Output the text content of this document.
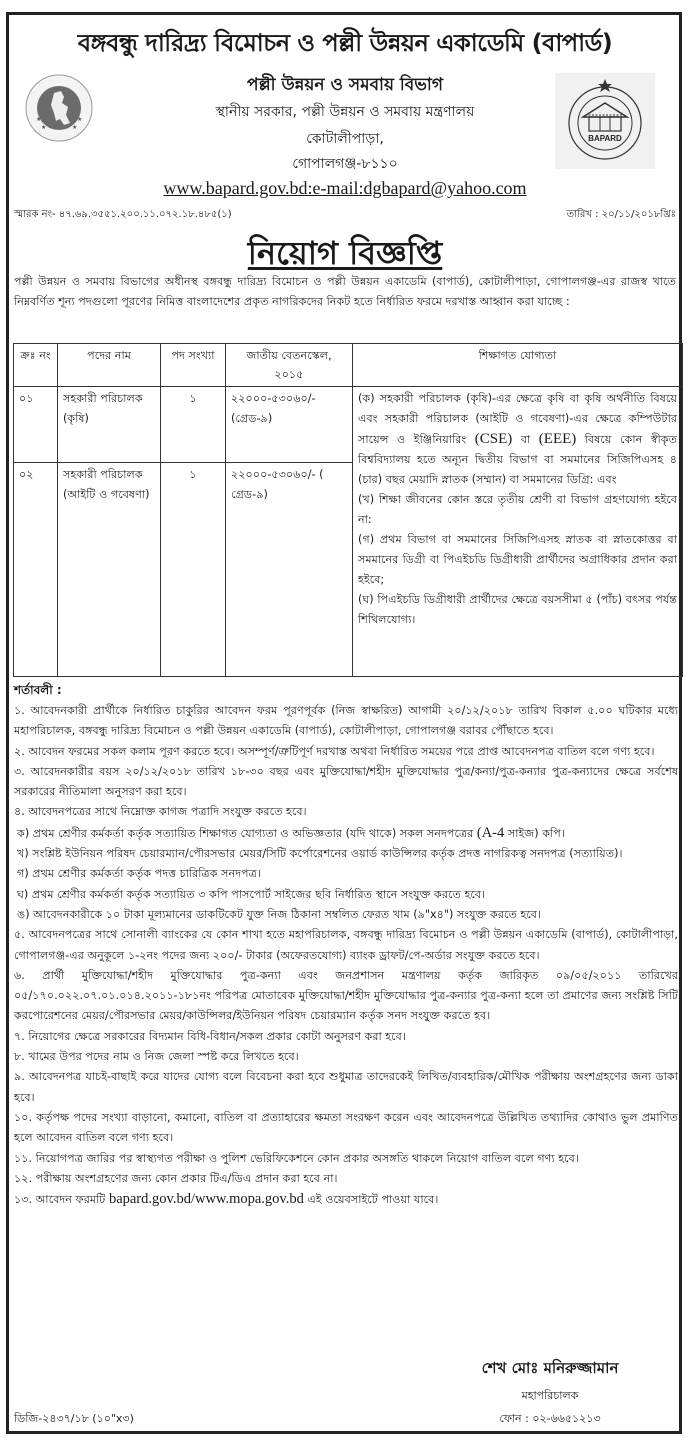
★	★
★	★
BAPARD
বঙ্গবন্ধু দারিদ্র্য বিমোচন ও পল্লী উন্নয়ন একাডেমি (বাপার্ড)
পল্লী উন্নয়ন ও সমবায় বিভাগ
স্থানীয় সরকার, পল্লী উন্নয়ন ও সমবায় মন্ত্রণালয়
কোটালীপাড়া,
গোপালগঞ্জ-৮১১০
www.bapard.gov.bd:e-mail:dgbapard@yahoo.com
স্মারক নং- ৪৭.৬৯.৩৫৫১.২০০.১১.০৭২.১৮.৪৮৫(১)	তারিখ : ২০/১১/২০১৮খ্রিঃ
নিয়োগ বিজ্ঞপ্তি
পল্লী উন্নয়ন ও সমবায় বিভাগের অধীনস্থ বঙ্গবন্ধু দারিদ্র্য বিমোচন ও পল্লী উন্নয়ন একাডেমি (বাপার্ড), কোটালীপাড়া, গোপালগঞ্জ-এর রাজস্ব খাতে নিম্নবর্ণিত শূন্য পদগুলো পূরণের নিমিত্ত বাংলাদেশের প্রকৃত নাগরিকদের নিকট হতে নির্ধারিত ফরমে দরখাস্ত আহ্বান করা যাচ্ছে :
ক্রঃ নং	পদের নাম	পদ সংখ্যা	জাতীয় বেতনস্কেল, ২০১৫	শিক্ষাগত যোগ্যতা
০১	সহকারী পরিচালক (কৃষি)	১	২২০০০-৫৩০৬০/- (গ্রেড-৯)	(ক) সহকারী পরিচালক (কৃষি)-এর ক্ষেত্রে কৃষি বা কৃষি অর্থনীতি বিষয়ে এবং সহকারী পরিচালক (আইটি ও গবেষণা)-এর ক্ষেত্রে কম্পিউটার সায়েন্স ও ইঞ্জিনিয়ারিং (CSE) বা (EEE) বিষয়ে কোন স্বীকৃত বিশ্ববিদ্যালয় হতে অন্যূন দ্বিতীয় বিভাগ বা সমমানের সিজিপিএসহ ৪ (চার) বছর মেয়াদি স্নাতক (সম্মান) বা সমমানের ডিগ্রি: এবং

(খ) শিক্ষা জীবনের কোন স্তরে তৃতীয় শ্রেণী বা বিভাগ গ্রহণযোগ্য হইবে না:

(গ) প্রথম বিভাগ বা সমমানের সিজিপিএসহ স্নাতক বা স্নাতকোত্তর বা সমমানের ডিগ্রী বা পিএইচডি ডিগ্রীধারী প্রার্থীদের অগ্রাধিকার প্রদান করা হইবে;

(ঘ) পিএইচডি ডিগ্রীধারী প্রার্থীদের ক্ষেত্রে বয়সসীমা ৫ (পাঁচ) বৎসর পর্যন্ত শিথিলযোগ্য।

০২	সহকারী পরিচালক (আইটি ও গবেষণা)	১	২২০০০-৫৩০৬০/- ( গ্রেড-৯)	
শর্তাবলী :

১. আবেদনকারী প্রার্থীকে নির্ধারিত চাকুরির আবেদন ফরম পূরণপূর্বক (নিজ স্বাক্ষরিত) আগামী ২০/১২/২০১৮ তারিখ বিকাল ৫.০০ ঘটিকার মধ্যে মহাপরিচালক, বঙ্গবন্ধু দারিদ্র্য বিমোচন ও পল্লী উন্নয়ন একাডেমি (বাপার্ড), কোটালীপাড়া, গোপালগঞ্জ বরাবর পৌঁছাতে হবে।

২. আবেদন ফরমের সকল কলাম পূরণ করতে হবে। অসম্পূর্ণ/ত্রুটিপূর্ণ দরখাস্ত অথবা নির্ধারিত সময়ের পরে প্রাপ্ত আবেদনপত্র বাতিল বলে গণ্য হবে।

৩. আবেদনকারীর বয়স ২০/১২/২০১৮ তারিখ ১৮-৩০ বছর এবং মুক্তিযোদ্ধা/শহীদ মুক্তিযোদ্ধার পুত্র/কন্যা/পুত্র-কন্যার পুত্র-কন্যাদের ক্ষেত্রে সর্বশেষ সরকারের নীতিমালা অনুসরণ করা হবে।

৪. আবেদনপত্রের সাথে নিম্নোক্ত কাগজ পত্রাদি সংযুক্ত করতে হবে।

ক) প্রথম শ্রেণীর কর্মকর্তা কর্তৃক সত্যায়িত শিক্ষাগত যোগ্যতা ও অভিজ্ঞতার (যদি থাকে) সকল সনদপত্রের (A-4 সাইজ) কপি।

খ) সংশ্লিষ্ট ইউনিয়ন পরিষদ চেয়ারম্যান/পৌরসভার মেয়র/সিটি কর্পোরেশনের ওয়ার্ড কাউন্সিলর কর্তৃক প্রদত্ত নাগরিকত্ব সনদপত্র (সত্যায়িত)।

গ) প্রথম শ্রেণীর কর্মকর্তা কর্তৃক পদত্ত চারিত্রিক সনদপত্র।

ঘ) প্রথম শ্রেণীর কর্মকর্তা কর্তৃক সত্যায়িত ৩ কপি পাসপোর্ট সাইজের ছবি নির্ধারিত স্থানে সংযুক্ত করতে হবে।

ঙ) আবেদনকারীকে ১০ টাকা মূল্যমানের ডাকটিকেট যুক্ত নিজ ঠিকানা সম্বলিত ফেরত খাম (৯"x৪") সংযুক্ত করতে হবে।

৫. আবেদনপত্রের সাথে সোনালী ব্যাংকের যে কোন শাখা হতে মহাপরিচালক, বঙ্গবন্ধু দারিদ্র্য বিমোচন ও পল্লী উন্নয়ন একাডেমি (বাপার্ড), কোটালীপাড়া, গোপালগঞ্জ-এর অনুকূলে ১-২নং পদের জন্য ২০০/- টাকার (অফেরতযোগ্য) ব্যাংক ড্রাফট/পে-অর্ডার সংযুক্ত করতে হবে।

৬. প্রার্থী মুক্তিযোদ্ধা/শহীদ মুক্তিযোদ্ধার পুত্র-কন্যা এবং জনপ্রশাসন মন্ত্রণালয় কর্তৃক জারিকৃত ০৯/০৫/২০১১ তারিখের ০৫/১৭০.০২২.০৭.০১.০১৪.২০১১-১৮১নং পরিপত্র মোতাবেক মুক্তিযোদ্ধা/শহীদ মুক্তিযোদ্ধার পুত্র-কন্যার পুত্র-কন্যা হলে তা প্রমাণের জন্য সংশ্লিষ্ট সিটি করপোরেশনের মেয়র/পৌরসভার মেয়র/কাউন্সিলর/ইউনিয়ন পরিষদ চেয়ারম্যান কর্তৃক সনদ সংযুক্ত করতে হব।

৭. নিয়োগের ক্ষেত্রে সরকারের বিদ্যমান বিধি-বিধান/সকল প্রকার কোটা অনুসরণ করা হবে।

৮. খামের উপর পদের নাম ও নিজ জেলা স্পষ্ট করে লিখতে হবে।

৯. আবেদনপত্র যাচই-বাছাই করে যাদের যোগ্য বলে বিবেচনা করা হবে শুধুমাত্র তাদেরকেই লিখিত/ব্যবহারিক/মৌখিক পরীক্ষায় অংশগ্রহণের জন্য ডাকা হবে।

১০. কর্তৃপক্ষ পদের সংখ্যা বাড়ানো, কমানো, বাতিল বা প্রত্যাহারের ক্ষমতা সংরক্ষণ করেন এবং আবেদনপত্রে উল্লিখিত তথ্যাদির কোথাও ভুল প্রমাণিত হলে আবেদন বাতিল বলে গণ্য হবে।

১১. নিয়োগপত্র জারির পর স্বাস্থ্যগত পরীক্ষা ও পুলিশ ভেরিফিকেশনে কোন প্রকার অসঙ্গতি থাকলে নিয়োগ বাতিল বলে গণ্য হবে।

১২. পরীক্ষায় অংশগ্রহণের জন্য কোন প্রকার টিএ/ডিএ প্রদান করা হবে না।

১৩. আবেদন ফরমটি bapard.gov.bd/www.mopa.gov.bd এই ওয়েবসাইটে পাওয়া যাবে।

শেখ মোঃ মনিরুজ্জামান
মহাপরিচালক
ফোন : ০২-৬৬৫১২১৩
ডিজি-২৪৩৭/১৮ (১০"x৩)
